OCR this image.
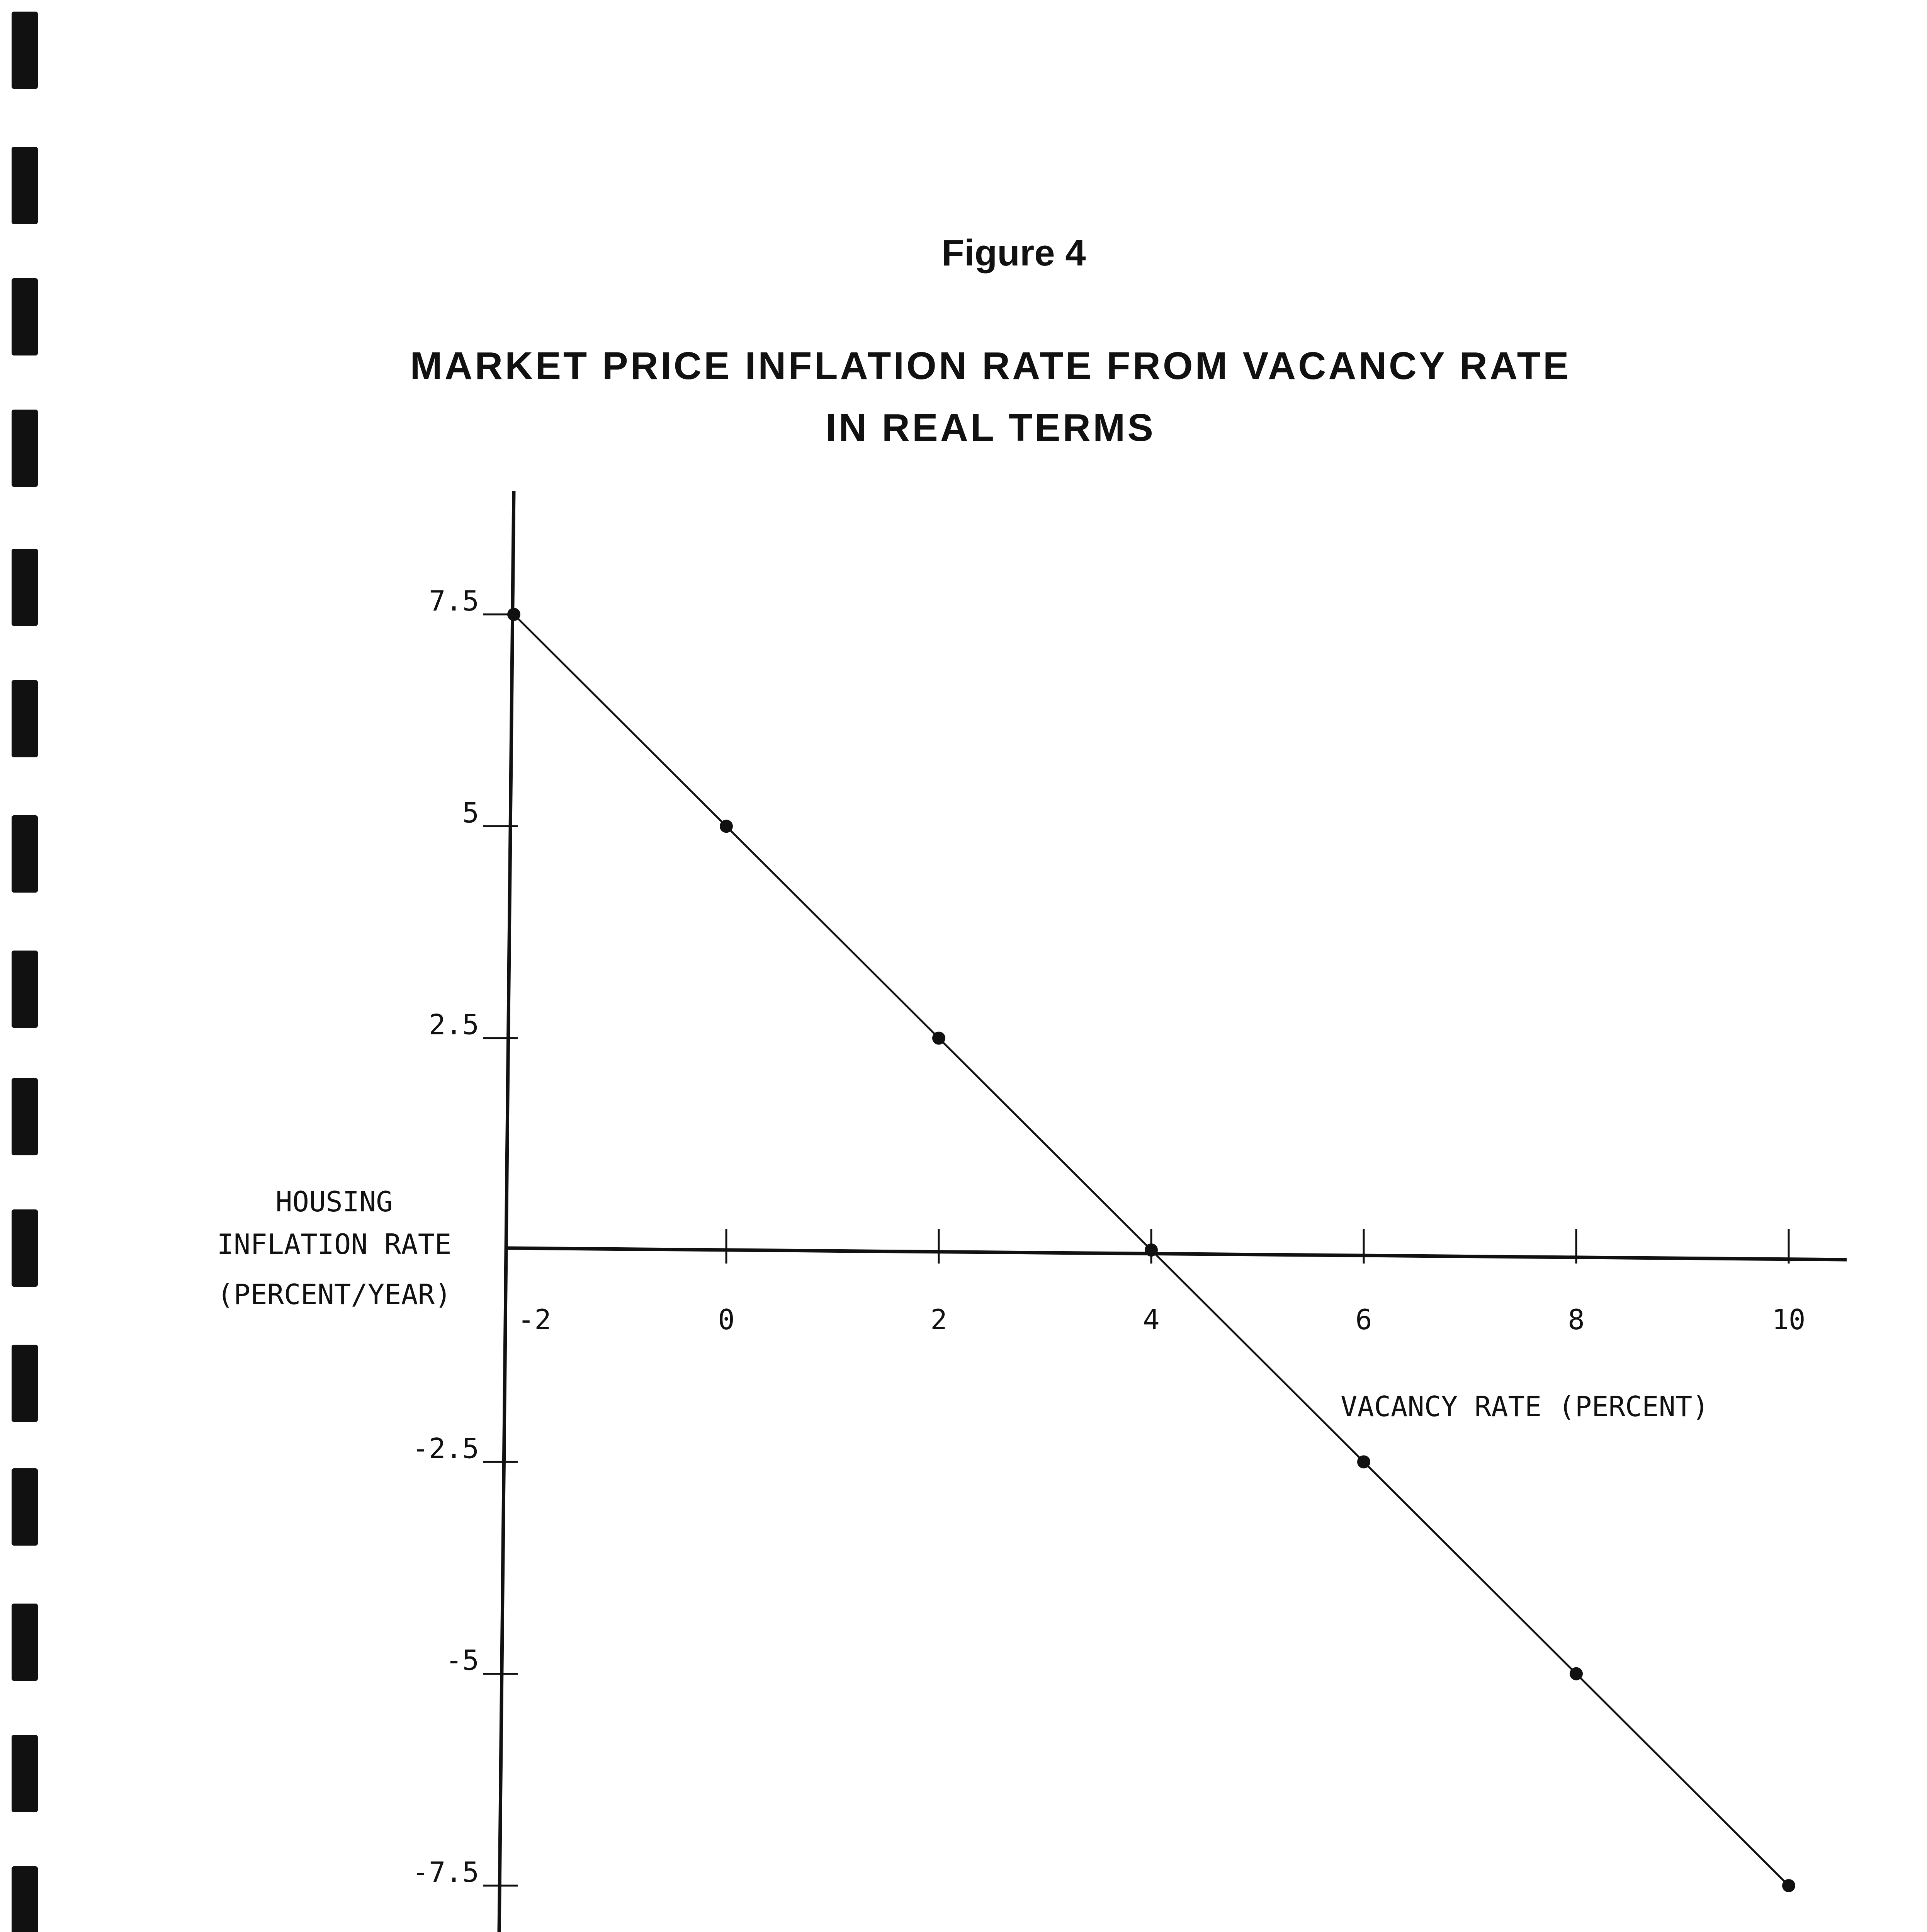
Figure 4
MARKET PRICE INFLATION RATE FROM VACANCY RATE
IN REAL TERMS
-2	0	2	4	6	8	10
7.5
5
2.5
-2.5
-5
-7.5
VACANCY RATE (PERCENT)
HOUSING
INFLATION RATE
(PERCENT/YEAR)
